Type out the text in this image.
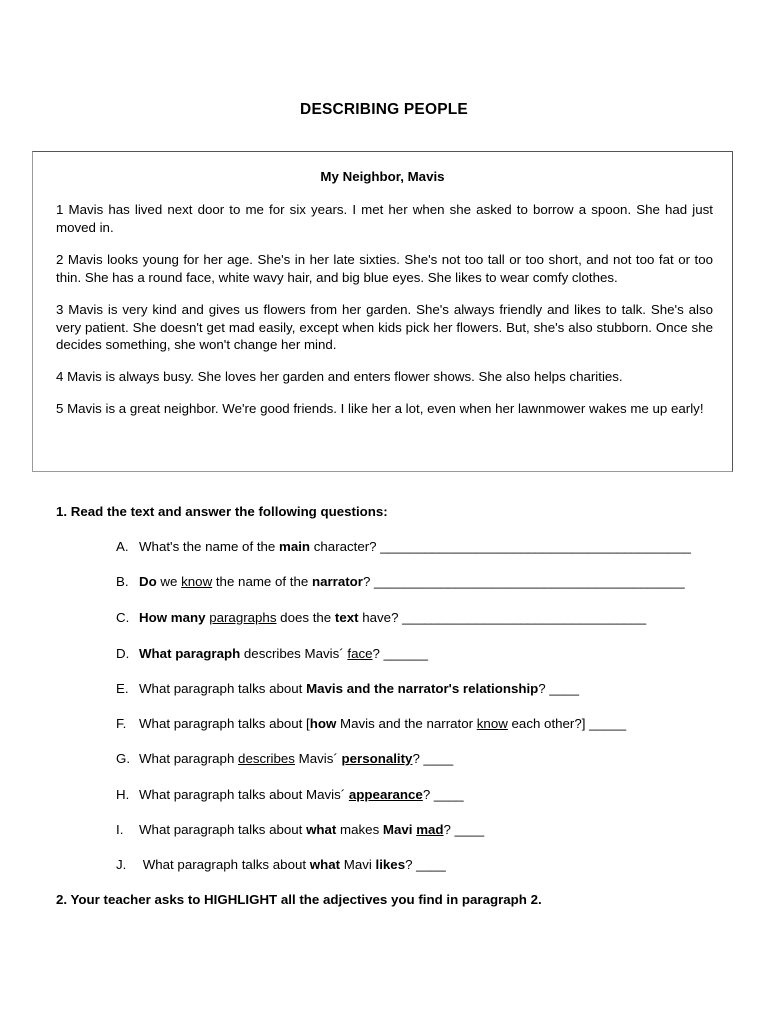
DESCRIBING PEOPLE
My Neighbor, Mavis

1 Mavis has lived next door to me for six years. I met her when she asked to borrow a spoon. She had just moved in.

2 Mavis looks young for her age. She's in her late sixties. She's not too tall or too short, and not too fat or too thin. She has a round face, white wavy hair, and big blue eyes. She likes to wear comfy clothes.

3 Mavis is very kind and gives us flowers from her garden. She's always friendly and likes to talk. She's also very patient. She doesn't get mad easily, except when kids pick her flowers. But, she's also stubborn. Once she decides something, she won't change her mind.

4 Mavis is always busy. She loves her garden and enters flower shows. She also helps charities.

5 Mavis is a great neighbor. We're good friends. I like her a lot, even when her lawnmower wakes me up early!

1. Read the text and answer the following questions:

A. What's the name of the main character? __________________________________________
B. Do we know the name of the narrator? __________________________________________
C. How many paragraphs does the text have? _________________________________
D. What paragraph describes Mavis´ face? ______
E. What paragraph talks about Mavis and the narrator's relationship? ____
F. What paragraph talks about [how Mavis and the narrator know each other?] _____
G. What paragraph describes Mavis´ personality? ____
H. What paragraph talks about Mavis´ appearance? ____
I. What paragraph talks about what makes Mavi mad? ____
J. What paragraph talks about what Mavi likes? ____

2. Your teacher asks to HIGHLIGHT all the adjectives you find in paragraph 2.
